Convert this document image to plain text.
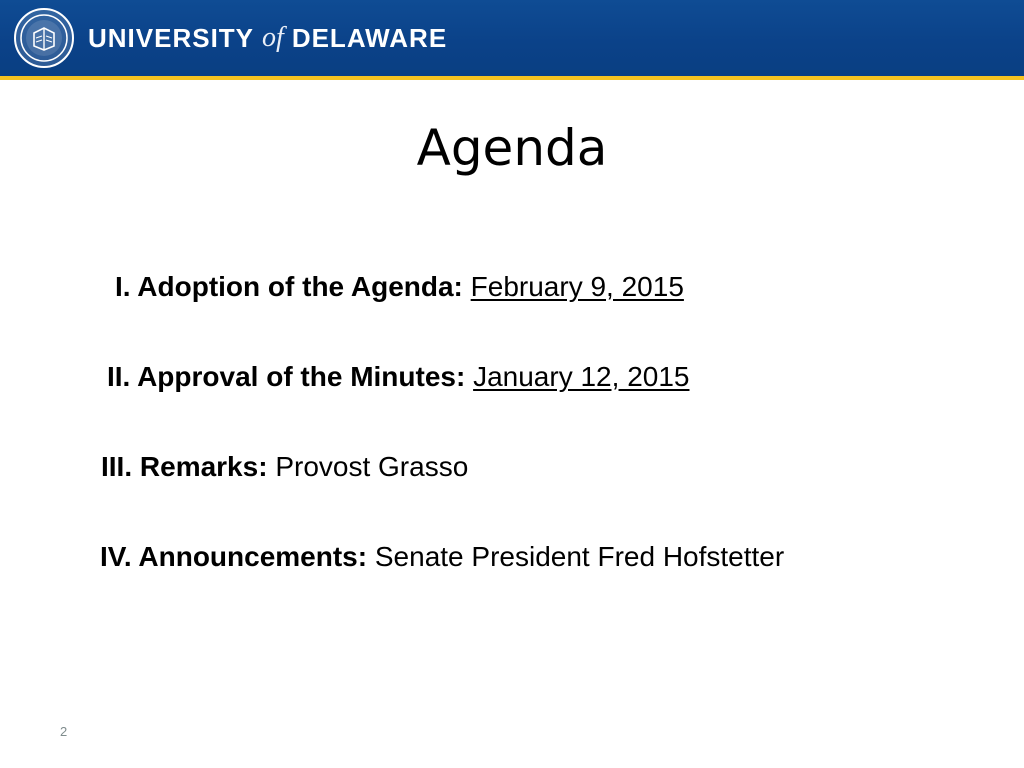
UNIVERSITY of DELAWARE
Agenda
I. Adoption of the Agenda: February 9, 2015
II. Approval of the Minutes: January 12, 2015
III. Remarks: Provost Grasso
IV. Announcements: Senate President Fred Hofstetter
2
